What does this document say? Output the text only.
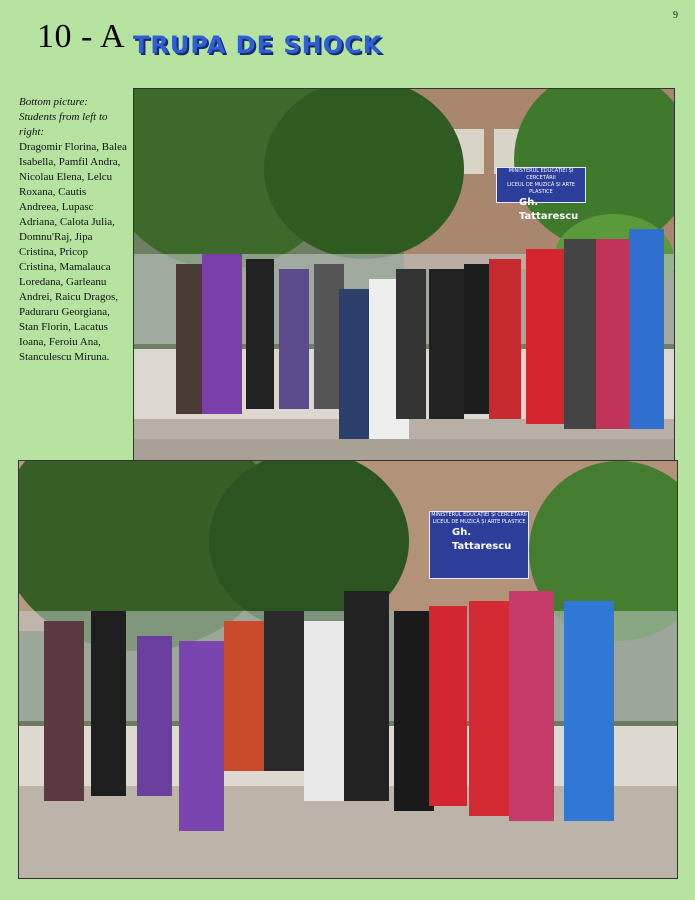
9
10 - A TRUPA DE SHOCK
Bottom picture: Students from left to right:
Dragomir Florina, Balea Isabella, Pamfil Andra, Nicolau Elena, Lelcu Roxana, Cautis Andreea, Lupasc Adriana, Calota Julia, Domnu'Raj, Jipa Cristina, Pricop Cristina, Mamalauca Loredana, Garleanu Andrei, Raicu Dragos, Paduraru Georgiana, Stan Florin, Lacatus Ioana, Feroiu Ana, Stanculescu Miruna.
MINISTERUL EDUCAȚIEI ȘI CERCETĂRII
LICEUL DE MUZICĂ ȘI ARTE PLASTICE
Gh. Tattarescu
MINISTERUL EDUCAȚIEI ȘI CERCETĂRII
LICEUL DE MUZICĂ ȘI ARTE PLASTICE
Gh. Tattarescu
